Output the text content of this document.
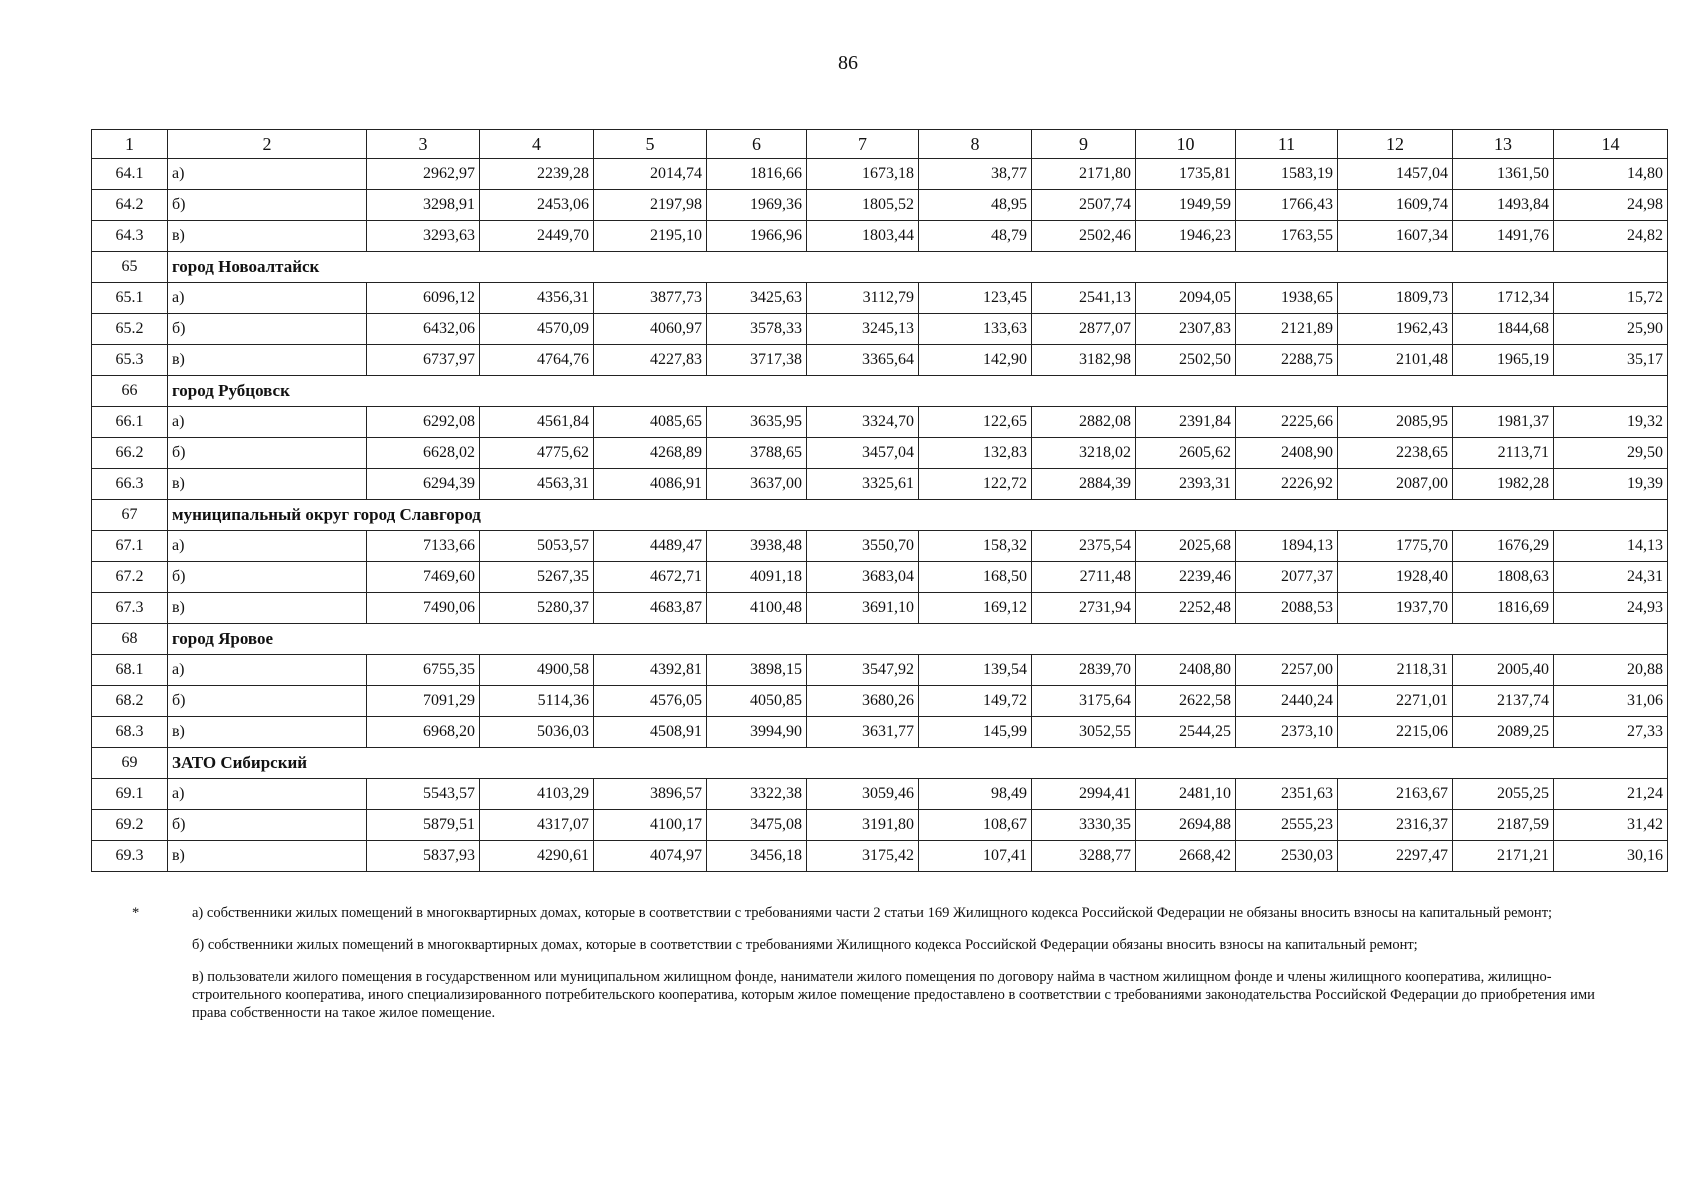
86
1	2	3	4	5	6	7	8	9	10	11	12	13	14
64.1	а)	2962,97	2239,28	2014,74	1816,66	1673,18	38,77	2171,80	1735,81	1583,19	1457,04	1361,50	14,80
64.2	б)	3298,91	2453,06	2197,98	1969,36	1805,52	48,95	2507,74	1949,59	1766,43	1609,74	1493,84	24,98
64.3	в)	3293,63	2449,70	2195,10	1966,96	1803,44	48,79	2502,46	1946,23	1763,55	1607,34	1491,76	24,82
65	город Новоалтайск												
65.1	а)	6096,12	4356,31	3877,73	3425,63	3112,79	123,45	2541,13	2094,05	1938,65	1809,73	1712,34	15,72
65.2	б)	6432,06	4570,09	4060,97	3578,33	3245,13	133,63	2877,07	2307,83	2121,89	1962,43	1844,68	25,90
65.3	в)	6737,97	4764,76	4227,83	3717,38	3365,64	142,90	3182,98	2502,50	2288,75	2101,48	1965,19	35,17
66	город Рубцовск												
66.1	а)	6292,08	4561,84	4085,65	3635,95	3324,70	122,65	2882,08	2391,84	2225,66	2085,95	1981,37	19,32
66.2	б)	6628,02	4775,62	4268,89	3788,65	3457,04	132,83	3218,02	2605,62	2408,90	2238,65	2113,71	29,50
66.3	в)	6294,39	4563,31	4086,91	3637,00	3325,61	122,72	2884,39	2393,31	2226,92	2087,00	1982,28	19,39
67	муниципальный округ город Славгород												
67.1	а)	7133,66	5053,57	4489,47	3938,48	3550,70	158,32	2375,54	2025,68	1894,13	1775,70	1676,29	14,13
67.2	б)	7469,60	5267,35	4672,71	4091,18	3683,04	168,50	2711,48	2239,46	2077,37	1928,40	1808,63	24,31
67.3	в)	7490,06	5280,37	4683,87	4100,48	3691,10	169,12	2731,94	2252,48	2088,53	1937,70	1816,69	24,93
68	город Яровое												
68.1	а)	6755,35	4900,58	4392,81	3898,15	3547,92	139,54	2839,70	2408,80	2257,00	2118,31	2005,40	20,88
68.2	б)	7091,29	5114,36	4576,05	4050,85	3680,26	149,72	3175,64	2622,58	2440,24	2271,01	2137,74	31,06
68.3	в)	6968,20	5036,03	4508,91	3994,90	3631,77	145,99	3052,55	2544,25	2373,10	2215,06	2089,25	27,33
69	ЗАТО Сибирский												
69.1	а)	5543,57	4103,29	3896,57	3322,38	3059,46	98,49	2994,41	2481,10	2351,63	2163,67	2055,25	21,24
69.2	б)	5879,51	4317,07	4100,17	3475,08	3191,80	108,67	3330,35	2694,88	2555,23	2316,37	2187,59	31,42
69.3	в)	5837,93	4290,61	4074,97	3456,18	3175,42	107,41	3288,77	2668,42	2530,03	2297,47	2171,21	30,16
*	а) собственники жилых помещений в многоквартирных домах, которые в соответствии с требованиями части 2 статьи 169 Жилищного кодекса Российской Федерации не обязаны вносить взносы на капитальный ремонт;
б) собственники жилых помещений в многоквартирных домах, которые в соответствии с требованиями Жилищного кодекса Российской Федерации обязаны вносить взносы на капитальный ремонт;
в) пользователи жилого помещения в государственном или муниципальном жилищном фонде, наниматели жилого помещения по договору найма в частном жилищном фонде и члены жилищного кооператива, жилищно-строительного кооператива, иного специализированного потребительского кооператива, которым жилое помещение предоставлено в соответствии с требованиями законодательства Российской Федерации до приобретения ими права собственности на такое жилое помещение.
